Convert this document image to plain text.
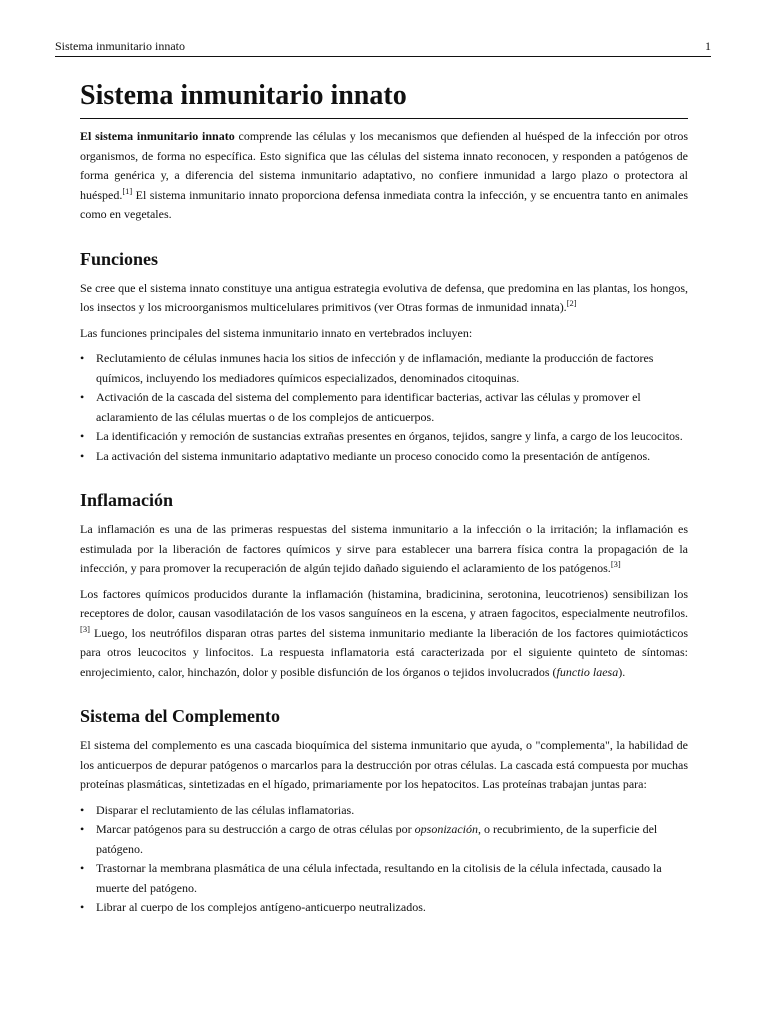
Sistema inmunitario innato	1
Sistema inmunitario innato

El sistema inmunitario innato comprende las células y los mecanismos que defienden al huésped de la infección por otros organismos, de forma no específica. Esto significa que las células del sistema innato reconocen, y responden a patógenos de forma genérica y, a diferencia del sistema inmunitario adaptativo, no confiere inmunidad a largo plazo o protectora al huésped.[1] El sistema inmunitario innato proporciona defensa inmediata contra la infección, y se encuentra tanto en animales como en vegetales.

Funciones

Se cree que el sistema innato constituye una antigua estrategia evolutiva de defensa, que predomina en las plantas, los hongos, los insectos y los microorganismos multicelulares primitivos (ver Otras formas de inmunidad innata).[2]

Las funciones principales del sistema inmunitario innato en vertebrados incluyen:

• Reclutamiento de células inmunes hacia los sitios de infección y de inflamación, mediante la producción de factores químicos, incluyendo los mediadores químicos especializados, denominados citoquinas.
• Activación de la cascada del sistema del complemento para identificar bacterias, activar las células y promover el aclaramiento de las células muertas o de los complejos de anticuerpos.
• La identificación y remoción de sustancias extrañas presentes en órganos, tejidos, sangre y linfa, a cargo de los leucocitos.
• La activación del sistema inmunitario adaptativo mediante un proceso conocido como la presentación de antígenos.
Inflamación

La inflamación es una de las primeras respuestas del sistema inmunitario a la infección o la irritación; la inflamación es estimulada por la liberación de factores químicos y sirve para establecer una barrera física contra la propagación de la infección, y para promover la recuperación de algún tejido dañado siguiendo el aclaramiento de los patógenos.[3]

Los factores químicos producidos durante la inflamación (histamina, bradicinina, serotonina, leucotrienos) sensibilizan los receptores de dolor, causan vasodilatación de los vasos sanguíneos en la escena, y atraen fagocitos, especialmente neutrofilos.[3] Luego, los neutrófilos disparan otras partes del sistema inmunitario mediante la liberación de los factores quimiotácticos para otros leucocitos y linfocitos. La respuesta inflamatoria está caracterizada por el siguiente quinteto de síntomas: enrojecimiento, calor, hinchazón, dolor y posible disfunción de los órganos o tejidos involucrados (functio laesa).

Sistema del Complemento

El sistema del complemento es una cascada bioquímica del sistema inmunitario que ayuda, o "complementa", la habilidad de los anticuerpos de depurar patógenos o marcarlos para la destrucción por otras células. La cascada está compuesta por muchas proteínas plasmáticas, sintetizadas en el hígado, primariamente por los hepatocitos. Las proteínas trabajan juntas para:

• Disparar el reclutamiento de las células inflamatorias.
• Marcar patógenos para su destrucción a cargo de otras células por opsonización, o recubrimiento, de la superficie del patógeno.
• Trastornar la membrana plasmática de una célula infectada, resultando en la citolisis de la célula infectada, causado la muerte del patógeno.
• Librar al cuerpo de los complejos antígeno-anticuerpo neutralizados.
